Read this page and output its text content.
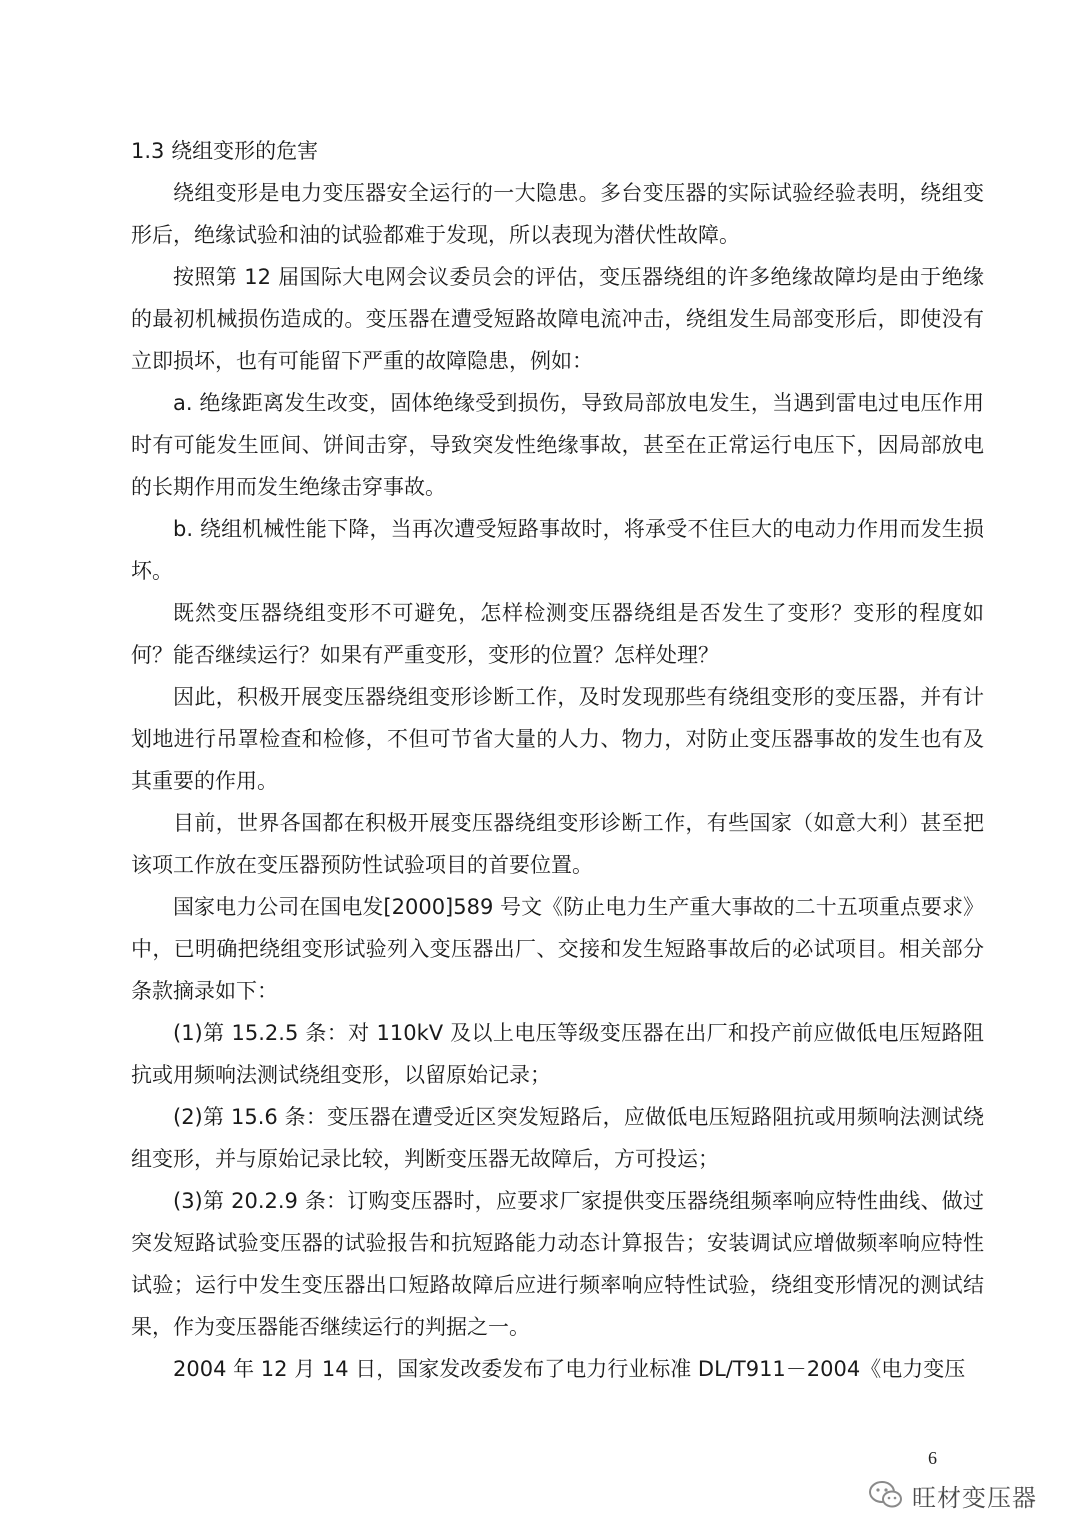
1.3 绕组变形的危害

绕组变形是电力变压器安全运行的一大隐患。多台变压器的实际试验经验表明，绕组变形后，绝缘试验和油的试验都难于发现，所以表现为潜伏性故障。

按照第 12 届国际大电网会议委员会的评估，变压器绕组的许多绝缘故障均是由于绝缘的最初机械损伤造成的。变压器在遭受短路故障电流冲击，绕组发生局部变形后，即使没有立即损坏，也有可能留下严重的故障隐患，例如：

a. 绝缘距离发生改变，固体绝缘受到损伤，导致局部放电发生，当遇到雷电过电压作用时有可能发生匝间、饼间击穿，导致突发性绝缘事故，甚至在正常运行电压下，因局部放电的长期作用而发生绝缘击穿事故。

b. 绕组机械性能下降，当再次遭受短路事故时，将承受不住巨大的电动力作用而发生损坏。

既然变压器绕组变形不可避免，怎样检测变压器绕组是否发生了变形？变形的程度如何？能否继续运行？如果有严重变形，变形的位置？怎样处理？

因此，积极开展变压器绕组变形诊断工作，及时发现那些有绕组变形的变压器，并有计划地进行吊罩检查和检修，不但可节省大量的人力、物力，对防止变压器事故的发生也有及其重要的作用。

目前，世界各国都在积极开展变压器绕组变形诊断工作，有些国家（如意大利）甚至把该项工作放在变压器预防性试验项目的首要位置。

国家电力公司在国电发[2000]589 号文《防止电力生产重大事故的二十五项重点要求》中，已明确把绕组变形试验列入变压器出厂、交接和发生短路事故后的必试项目。相关部分条款摘录如下：

(1)第 15.2.5 条：对 110kV 及以上电压等级变压器在出厂和投产前应做低电压短路阻抗或用频响法测试绕组变形，以留原始记录；

(2)第 15.6 条：变压器在遭受近区突发短路后，应做低电压短路阻抗或用频响法测试绕组变形，并与原始记录比较，判断变压器无故障后，方可投运；

(3)第 20.2.9 条：订购变压器时，应要求厂家提供变压器绕组频率响应特性曲线、做过突发短路试验变压器的试验报告和抗短路能力动态计算报告；安装调试应增做频率响应特性试验；运行中发生变压器出口短路故障后应进行频率响应特性试验，绕组变形情况的测试结果，作为变压器能否继续运行的判据之一。

2004 年 12 月 14 日，国家发改委发布了电力行业标准 DL/T911－2004《电力变压

6
旺材变压器
